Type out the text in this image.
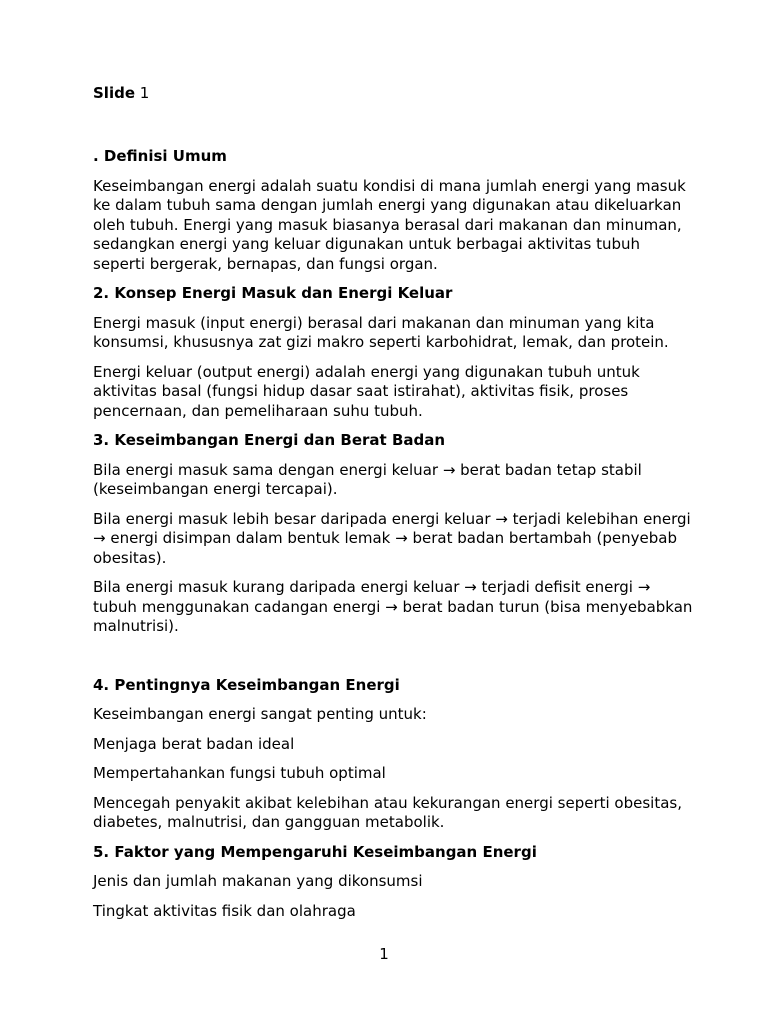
Slide 1

. Definisi Umum

Keseimbangan energi adalah suatu kondisi di mana jumlah energi yang masuk ke dalam tubuh sama dengan jumlah energi yang digunakan atau dikeluarkan oleh tubuh. Energi yang masuk biasanya berasal dari makanan dan minuman, sedangkan energi yang keluar digunakan untuk berbagai aktivitas tubuh seperti bergerak, bernapas, dan fungsi organ.

2. Konsep Energi Masuk dan Energi Keluar

Energi masuk (input energi) berasal dari makanan dan minuman yang kita konsumsi, khususnya zat gizi makro seperti karbohidrat, lemak, dan protein.

Energi keluar (output energi) adalah energi yang digunakan tubuh untuk aktivitas basal (fungsi hidup dasar saat istirahat), aktivitas fisik, proses pencernaan, dan pemeliharaan suhu tubuh.

3. Keseimbangan Energi dan Berat Badan

Bila energi masuk sama dengan energi keluar → berat badan tetap stabil (keseimbangan energi tercapai).

Bila energi masuk lebih besar daripada energi keluar → terjadi kelebihan energi → energi disimpan dalam bentuk lemak → berat badan bertambah (penyebab obesitas).

Bila energi masuk kurang daripada energi keluar → terjadi defisit energi → tubuh menggunakan cadangan energi → berat badan turun (bisa menyebabkan malnutrisi).

4. Pentingnya Keseimbangan Energi

Keseimbangan energi sangat penting untuk:

Menjaga berat badan ideal

Mempertahankan fungsi tubuh optimal

Mencegah penyakit akibat kelebihan atau kekurangan energi seperti obesitas, diabetes, malnutrisi, dan gangguan metabolik.

5. Faktor yang Mempengaruhi Keseimbangan Energi

Jenis dan jumlah makanan yang dikonsumsi

Tingkat aktivitas fisik dan olahraga

1
